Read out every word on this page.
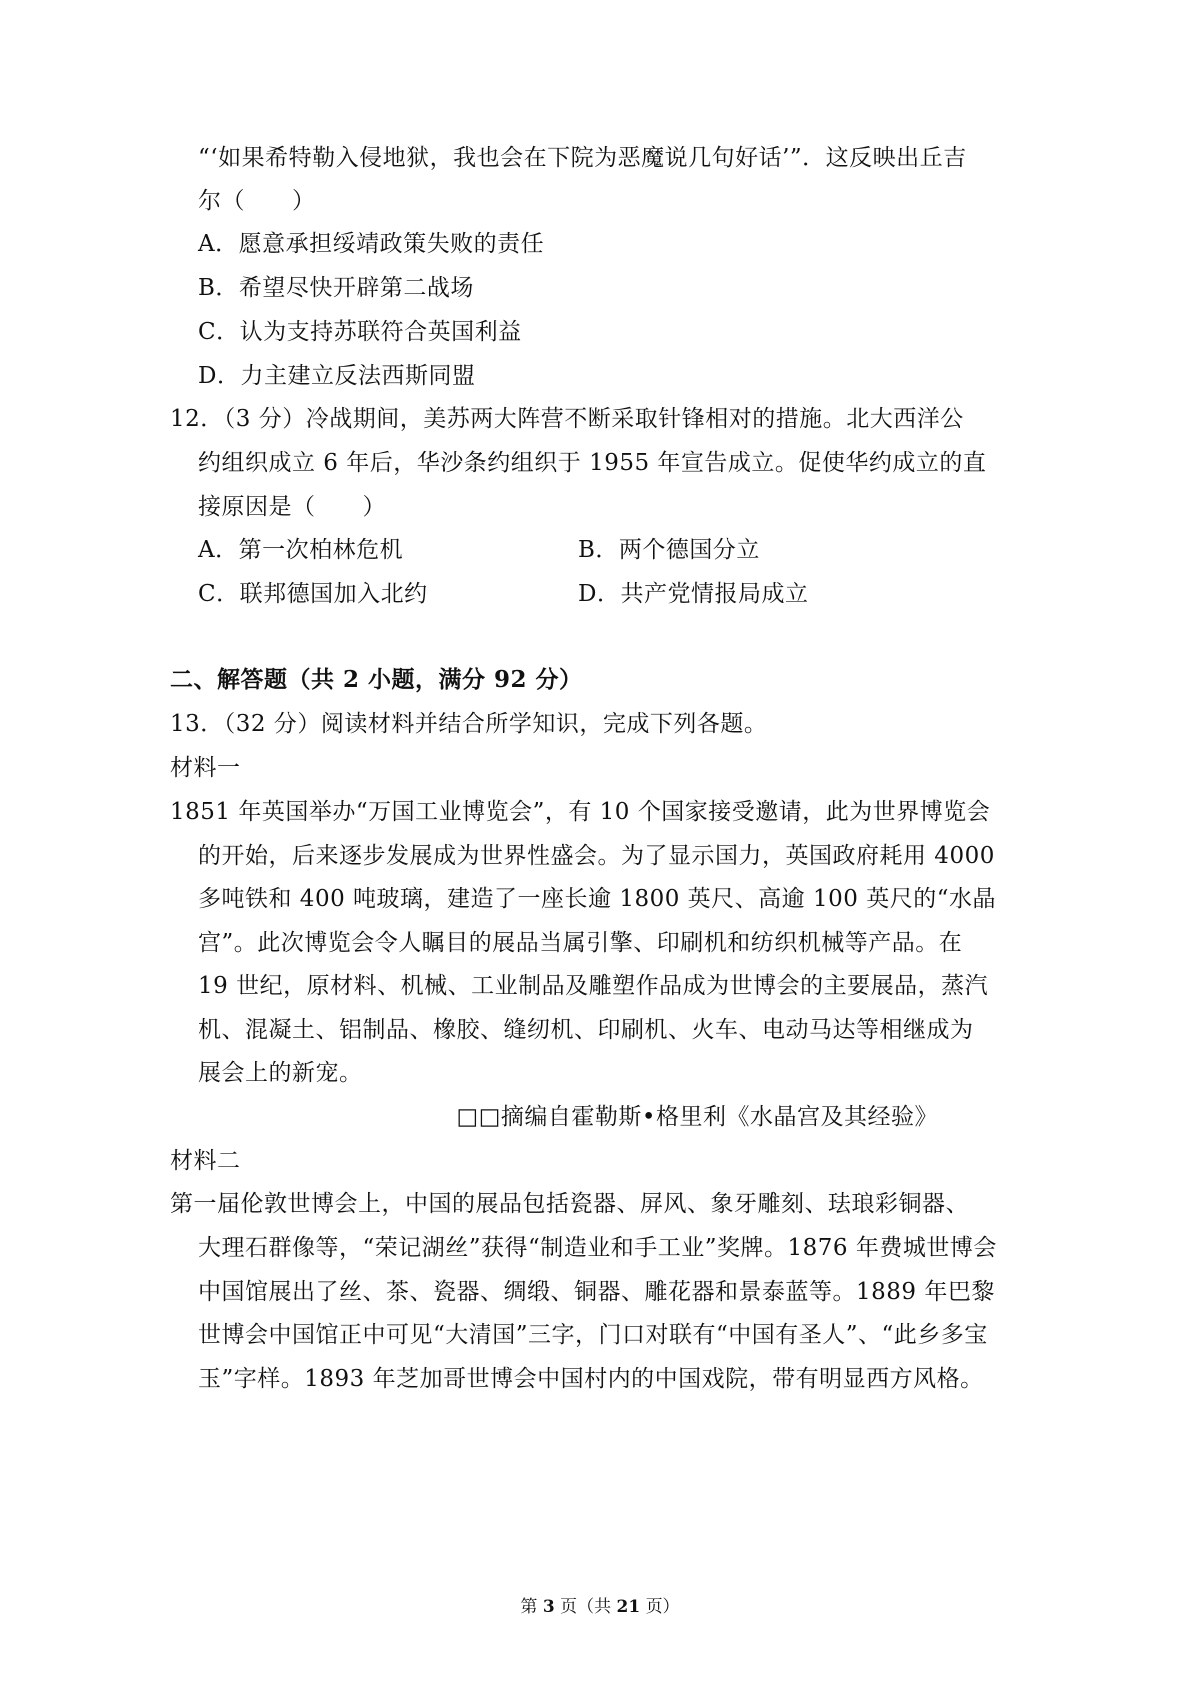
“‘如果希特勒入侵地狱，我也会在下院为恶魔说几句好话’”．这反映出丘吉
尔（　　）
A．愿意承担绥靖政策失败的责任
B．希望尽快开辟第二战场
C．认为支持苏联符合英国利益
D．力主建立反法西斯同盟
12．（3 分）冷战期间，美苏两大阵营不断采取针锋相对的措施。北大西洋公
约组织成立 6 年后，华沙条约组织于 1955 年宣告成立。促使华约成立的直
接原因是（　　）
A．第一次柏林危机	B．两个德国分立
C．联邦德国加入北约	D．共产党情报局成立
二、解答题（共 2 小题，满分 92 分）
13．（32 分）阅读材料并结合所学知识，完成下列各题。
材料一
1851 年英国举办“万国工业博览会”，有 10 个国家接受邀请，此为世界博览会
的开始，后来逐步发展成为世界性盛会。为了显示国力，英国政府耗用 4000
多吨铁和 400 吨玻璃，建造了一座长逾 1800 英尺、高逾 100 英尺的“水晶
宫”。此次博览会令人瞩目的展品当属引擎、印刷机和纺织机械等产品。在
19 世纪，原材料、机械、工业制品及雕塑作品成为世博会的主要展品，蒸汽
机、混凝土、铝制品、橡胶、缝纫机、印刷机、火车、电动马达等相继成为
展会上的新宠。
□□摘编自霍勒斯•格里利《水晶宫及其经验》
材料二
第一届伦敦世博会上，中国的展品包括瓷器、屏风、象牙雕刻、珐琅彩铜器、
大理石群像等，“荣记湖丝”获得“制造业和手工业”奖牌。1876 年费城世博会
中国馆展出了丝、茶、瓷器、绸缎、铜器、雕花器和景泰蓝等。1889 年巴黎
世博会中国馆正中可见“大清国”三字，门口对联有“中国有圣人”、“此乡多宝
玉”字样。1893 年芝加哥世博会中国村内的中国戏院，带有明显西方风格。
第 3 页（共 21 页）
